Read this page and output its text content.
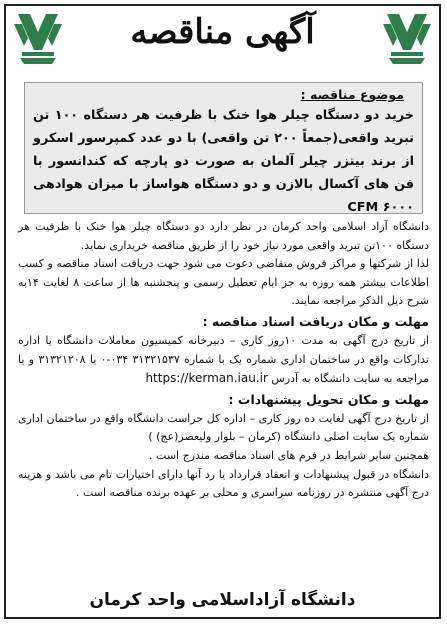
آگهی مناقصه
موضوع مناقصه :
خرید دو دستگاه چیلر هوا خنک با ظرفیت هر دستگاه ۱۰۰ تن تبرید واقعی(جمعاً ۲۰۰ تن واقعی) با دو عدد کمپرسور اسکرو از برند بیتزر چیلر آلمان به صورت دو پارچه که کندانسور با فن های آکسال بالازن و دو دستگاه هواساز با میزان هوادهی ۶۰۰۰ CFM

دانشگاه آزاد اسلامی واحد کرمان در نظر دارد دو دستگاه چیلر هوا خنک با ظرفیت هر دستگاه ۱۰۰تن تبرید واقعی مورد نیاز خود را از طریق مناقصه خریداری نماید.

لذا از شرکتها و مراکز فروش متقاضی دعوت می شود جهت دریافت اسناد مناقصه و کسب اطلاعات بیشتر همه روزه به جز ایام تعطیل رسمی و پنجشنبه ها از ساعت ۸ لغایت ۱۴به شرح ذیل الذکر مراجعه نمایند.

مهلت و مکان دریافت اسناد مناقصه :

از تاریخ درج آگهی به مدت ۱۰روز کاری – دبیرخانه کمیسیون معاملات دانشگاه یا اداره تدارکات واقع در ساختمان اداری شماره یک با شماره ۳۱۳۲۱۵۳۷ ۰۳۴-۰ یا ۳۱۳۲۱۲۰۸ و یا مراجعه به سایت دانشگاه به آدرس https://kerman.iau.ir

مهلت و مکان تحویل پیشنهادات :

از تاریخ درج آگهی لغایت ده روز کاری – اداره کل حراست دانشگاه واقع در ساختمان اداری شماره یک سایت اصلی دانشگاه (کرمان – بلوار ولیعصر(عج) )

همچنین سایر شرایط در فرم های اسناد مناقصه مندرج است .

دانشگاه در قبول پیشنهادات و انعقاد قرارداد یا رد آنها دارای اختیارات تام می باشد و هزینه درج آگهی منتشره در روزنامه سراسری و محلی بر عهده برنده مناقصه است .

دانشگاه آزاداسلامی واحد کرمان
